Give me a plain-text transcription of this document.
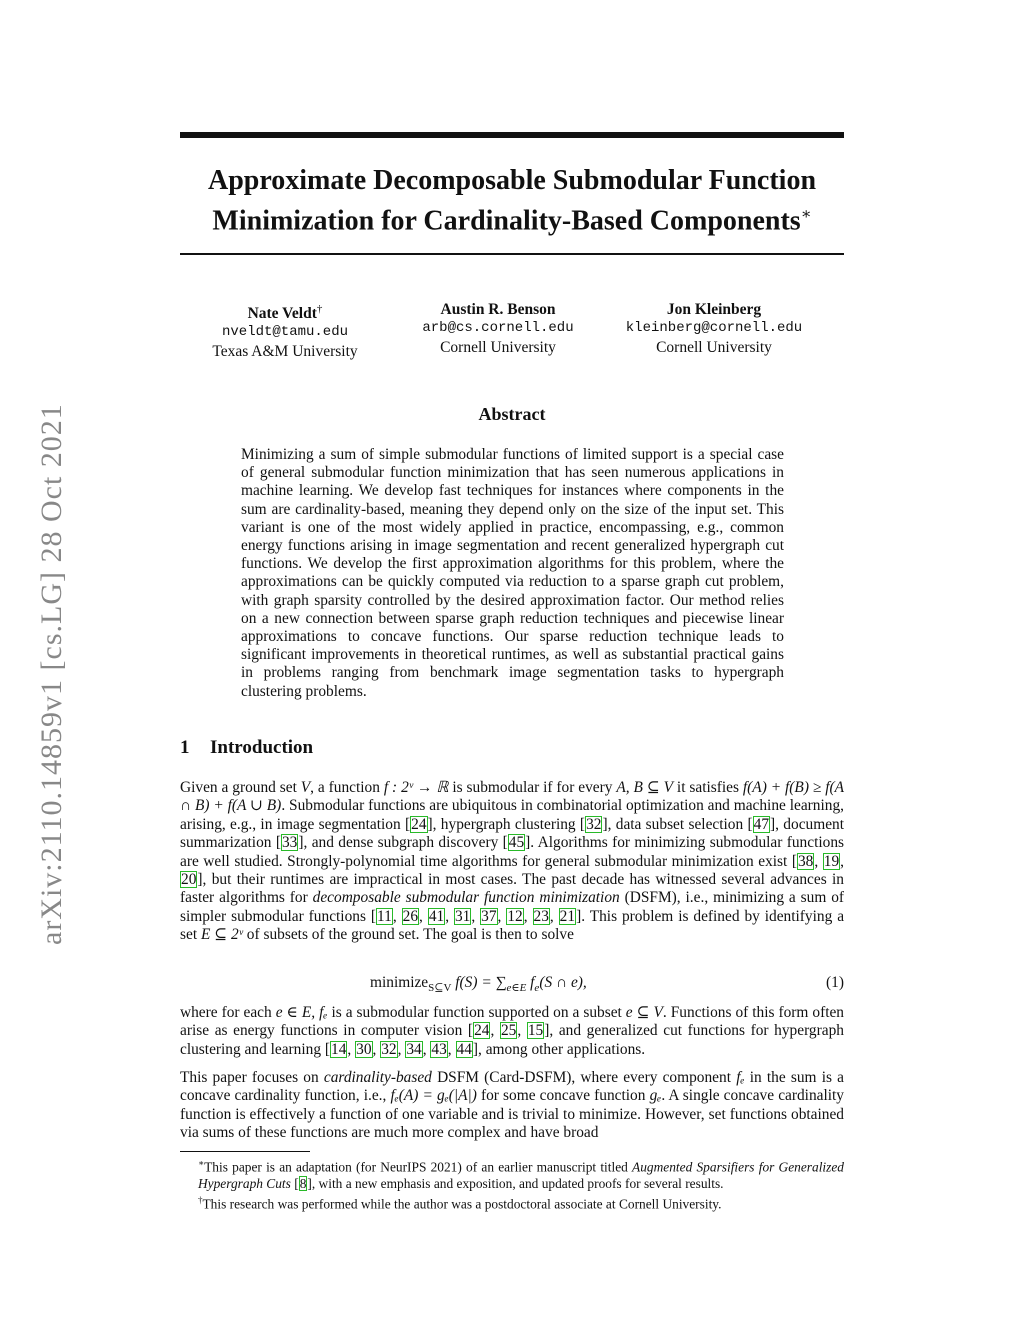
arXiv:2110.14859v1 [cs.LG] 28 Oct 2021
Approximate Decomposable Submodular Function
Minimization for Cardinality-Based Components∗
Nate Veldt†
nveldt@tamu.edu
Texas A&M University
Austin R. Benson
arb@cs.cornell.edu
Cornell University
Jon Kleinberg
kleinberg@cornell.edu
Cornell University
Abstract
Minimizing a sum of simple submodular functions of limited support is a special case of general submodular function minimization that has seen numerous applications in machine learning. We develop fast techniques for instances where components in the sum are cardinality-based, meaning they depend only on the size of the input set. This variant is one of the most widely applied in practice, encompassing, e.g., common energy functions arising in image segmentation and recent generalized hypergraph cut functions. We develop the first approximation algorithms for this problem, where the approximations can be quickly computed via reduction to a sparse graph cut problem, with graph sparsity controlled by the desired approximation factor. Our method relies on a new connection between sparse graph reduction techniques and piecewise linear approximations to concave functions. Our sparse reduction technique leads to significant improvements in theoretical runtimes, as well as substantial practical gains in problems ranging from benchmark image segmentation tasks to hypergraph clustering problems.
1 Introduction
Given a ground set V, a function f : 2ᵛ → ℝ is submodular if for every A, B ⊆ V it satisfies f(A) + f(B) ≥ f(A ∩ B) + f(A ∪ B). Submodular functions are ubiquitous in combinatorial optimization and machine learning, arising, e.g., in image segmentation [24], hypergraph clustering [32], data subset selection [47], document summarization [33], and dense subgraph discovery [45]. Algorithms for minimizing submodular functions are well studied. Strongly-polynomial time algorithms for general submodular minimization exist [38, 19, 20], but their runtimes are impractical in most cases. The past decade has witnessed several advances in faster algorithms for decomposable submodular function minimization (DSFM), i.e., minimizing a sum of simpler submodular functions [11, 26, 41, 31, 37, 12, 23, 21]. This problem is defined by identifying a set E ⊆ 2ᵛ of subsets of the ground set. The goal is then to solve
minimize$_{S⊆V}$ $f(S) = \sum_{e\in E}$ $f_e(S$ ∩ e),	(1)
where for each e ∈ E, fₑ is a submodular function supported on a subset e ⊆ V. Functions of this form often arise as energy functions in computer vision [24, 25, 15], and generalized cut functions for hypergraph clustering and learning [14, 30, 32, 34, 43, 44], among other applications.
This paper focuses on cardinality-based DSFM (Card-DSFM), where every component fₑ in the sum is a concave cardinality function, i.e., fₑ(A) = gₑ(|A|) for some concave function gₑ. A single concave cardinality function is effectively a function of one variable and is trivial to minimize. However, set functions obtained via sums of these functions are much more complex and have broad

∗This paper is an adaptation (for NeurIPS 2021) of an earlier manuscript titled Augmented Sparsifiers for Generalized Hypergraph Cuts [8], with a new emphasis and exposition, and updated proofs for several results.

†This research was performed while the author was a postdoctoral associate at Cornell University.
